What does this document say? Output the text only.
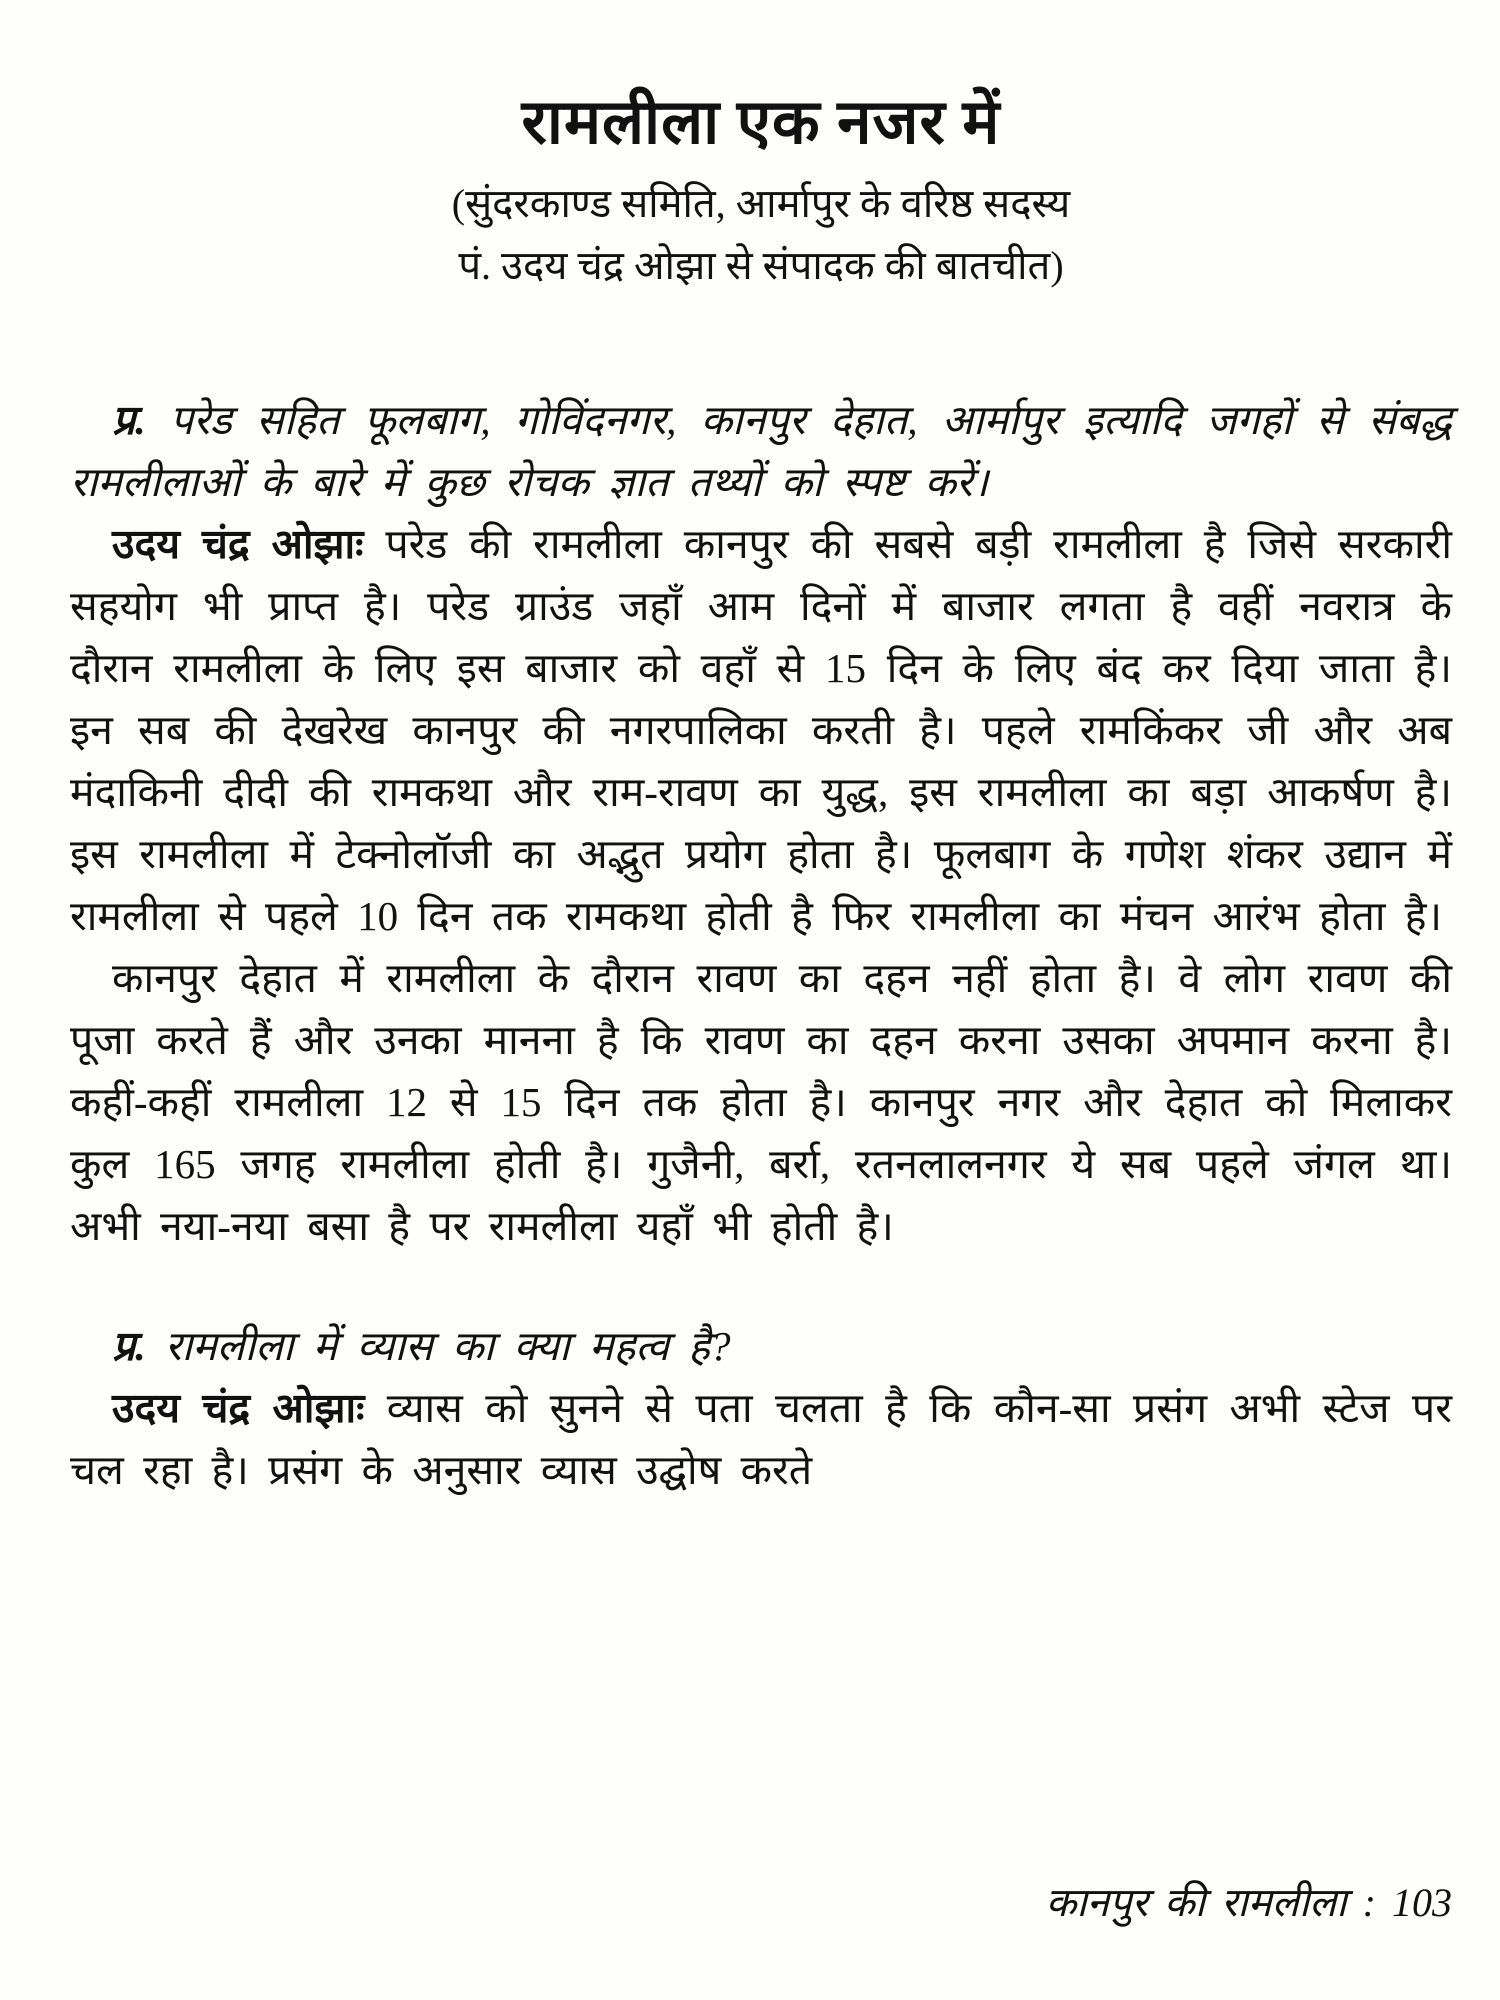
रामलीला एक नजर में
(सुंदरकाण्ड समिति, आर्मापुर के वरिष्ठ सदस्य
पं. उदय चंद्र ओझा से संपादक की बातचीत)

प्र. परेड सहित फूलबाग, गोविंदनगर, कानपुर देहात, आर्मापुर इत्यादि जगहों से संबद्ध रामलीलाओं के बारे में कुछ रोचक ज्ञात तथ्यों को स्पष्ट करें।

उदय चंद्र ओझाः परेड की रामलीला कानपुर की सबसे बड़ी रामलीला है जिसे सरकारी सहयोग भी प्राप्त है। परेड ग्राउंड जहाँ आम दिनों में बाजार लगता है वहीं नवरात्र के दौरान रामलीला के लिए इस बाजार को वहाँ से 15 दिन के लिए बंद कर दिया जाता है। इन सब की देखरेख कानपुर की नगरपालिका करती है। पहले रामकिंकर जी और अब मंदाकिनी दीदी की रामकथा और राम-रावण का युद्ध, इस रामलीला का बड़ा आकर्षण है। इस रामलीला में टेक्नोलॉजी का अद्भुत प्रयोग होता है। फूलबाग के गणेश शंकर उद्यान में रामलीला से पहले 10 दिन तक रामकथा होती है फिर रामलीला का मंचन आरंभ होता है।

कानपुर देहात में रामलीला के दौरान रावण का दहन नहीं होता है। वे लोग रावण की पूजा करते हैं और उनका मानना है कि रावण का दहन करना उसका अपमान करना है। कहीं-कहीं रामलीला 12 से 15 दिन तक होता है। कानपुर नगर और देहात को मिलाकर कुल 165 जगह रामलीला होती है। गुजैनी, बर्रा, रतनलालनगर ये सब पहले जंगल था। अभी नया-नया बसा है पर रामलीला यहाँ भी होती है।

प्र. रामलीला में व्यास का क्या महत्व है?

उदय चंद्र ओझाः व्यास को सुनने से पता चलता है कि कौन-सा प्रसंग अभी स्टेज पर चल रहा है। प्रसंग के अनुसार व्यास उद्घोष करते

कानपुर की रामलीला : 103
